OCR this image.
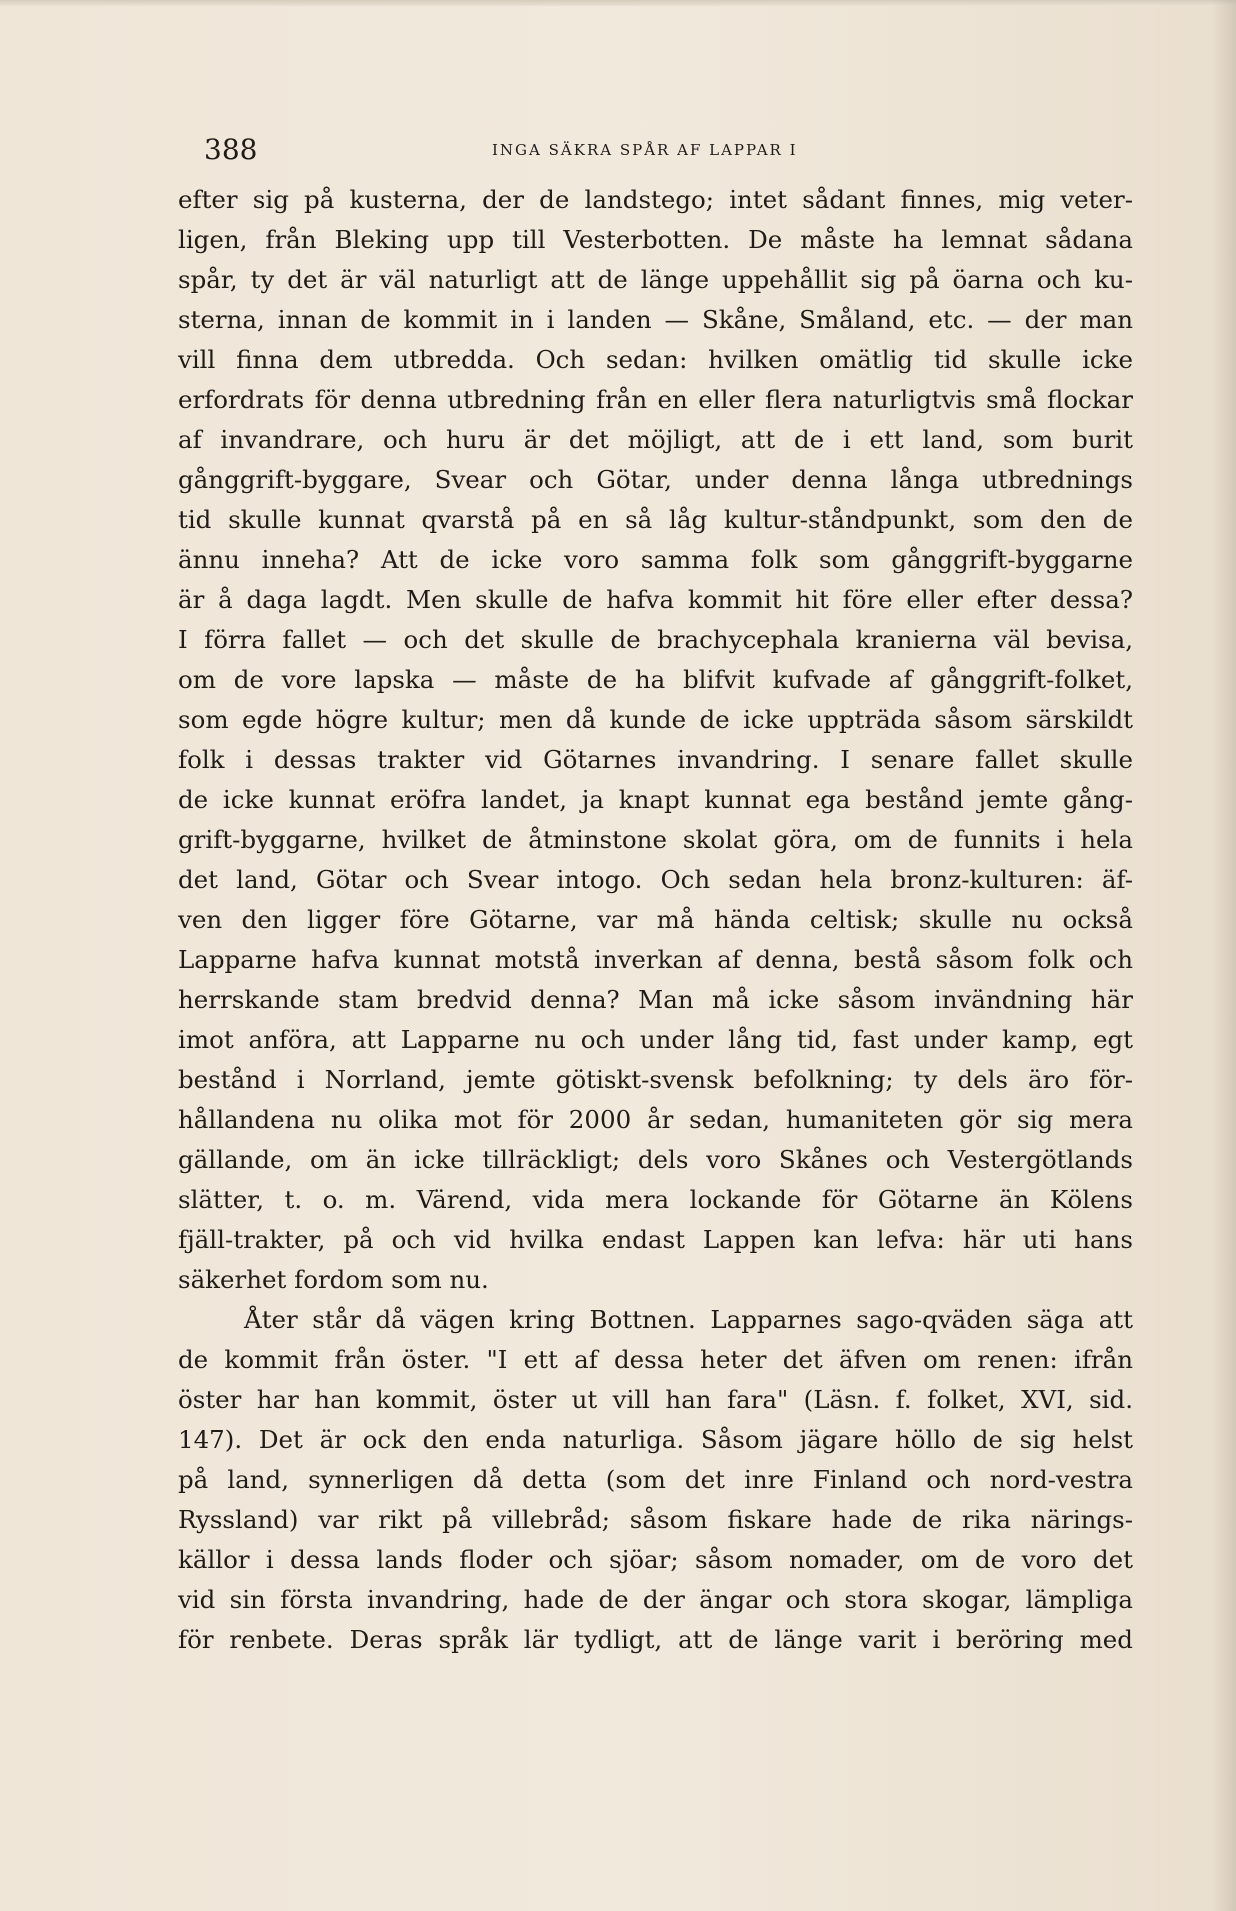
388	INGA SÄKRA SPÅR AF LAPPAR I
efter sig på kusterna, der de landstego; intet sådant finnes, mig veter-
ligen, från Bleking upp till Vesterbotten. De måste ha lemnat sådana
spår, ty det är väl naturligt att de länge uppehållit sig på öarna och ku-
sterna, innan de kommit in i landen — Skåne, Småland, etc. — der man
vill finna dem utbredda. Och sedan: hvilken omätlig tid skulle icke
erfordrats för denna utbredning från en eller flera naturligtvis små flockar
af invandrare, och huru är det möjligt, att de i ett land, som burit
gånggrift-byggare, Svear och Götar, under denna långa utbrednings
tid skulle kunnat qvarstå på en så låg kultur-ståndpunkt, som den de
ännu inneha? Att de icke voro samma folk som gånggrift-byggarne
är å daga lagdt. Men skulle de hafva kommit hit före eller efter dessa?
I förra fallet — och det skulle de brachycephala kranierna väl bevisa,
om de vore lapska — måste de ha blifvit kufvade af gånggrift-folket,
som egde högre kultur; men då kunde de icke uppträda såsom särskildt
folk i dessas trakter vid Götarnes invandring. I senare fallet skulle
de icke kunnat eröfra landet, ja knapt kunnat ega bestånd jemte gång-
grift-byggarne, hvilket de åtminstone skolat göra, om de funnits i hela
det land, Götar och Svear intogo. Och sedan hela bronz-kulturen: äf-
ven den ligger före Götarne, var må hända celtisk; skulle nu också
Lapparne hafva kunnat motstå inverkan af denna, bestå såsom folk och
herrskande stam bredvid denna? Man må icke såsom invändning här
imot anföra, att Lapparne nu och under lång tid, fast under kamp, egt
bestånd i Norrland, jemte götiskt-svensk befolkning; ty dels äro för-
hållandena nu olika mot för 2000 år sedan, humaniteten gör sig mera
gällande, om än icke tillräckligt; dels voro Skånes och Vestergötlands
slätter, t. o. m. Värend, vida mera lockande för Götarne än Kölens
fjäll-trakter, på och vid hvilka endast Lappen kan lefva: här uti hans
säkerhet fordom som nu.
Åter står då vägen kring Bottnen. Lapparnes sago-qväden säga att
de kommit från öster. "I ett af dessa heter det äfven om renen: ifrån
öster har han kommit, öster ut vill han fara" (Läsn. f. folket, XVI, sid.
147). Det är ock den enda naturliga. Såsom jägare höllo de sig helst
på land, synnerligen då detta (som det inre Finland och nord-vestra
Ryssland) var rikt på villebråd; såsom fiskare hade de rika närings-
källor i dessa lands floder och sjöar; såsom nomader, om de voro det
vid sin första invandring, hade de der ängar och stora skogar, lämpliga
för renbete. Deras språk lär tydligt, att de länge varit i beröring med
